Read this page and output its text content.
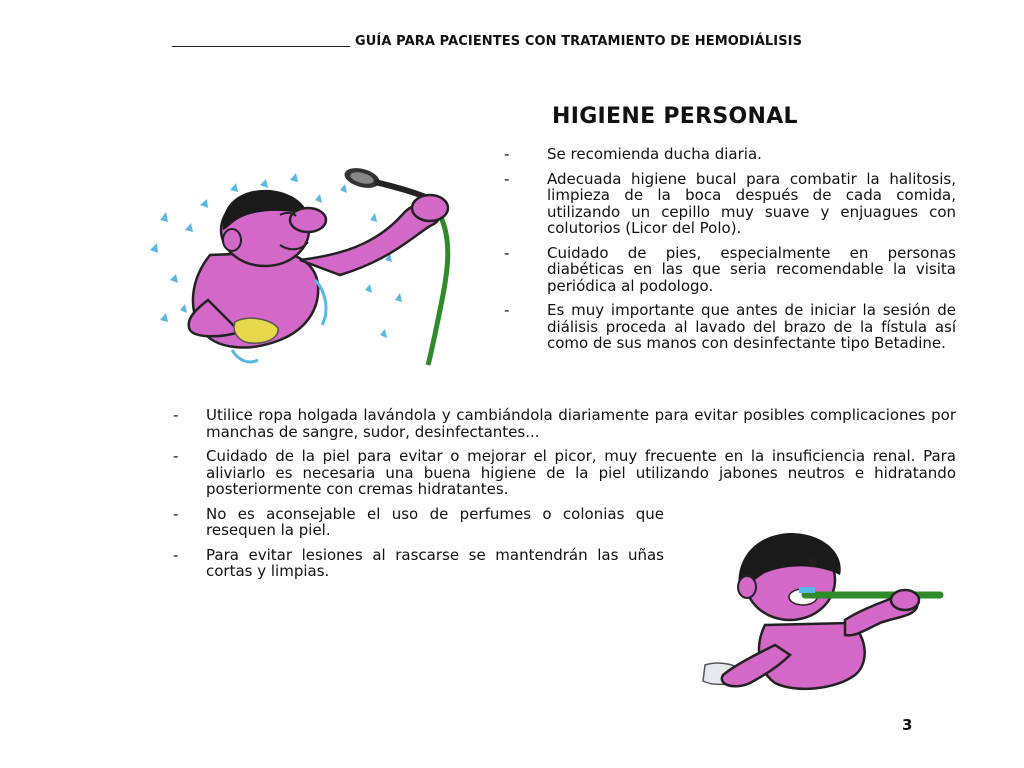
GUÍA PARA PACIENTES CON TRATAMIENTO DE HEMODIÁLISIS
HIGIENE PERSONAL
-	Se recomienda ducha diaria.
-	Adecuada higiene bucal para combatir la halitosis, limpieza de la boca después de cada comida, utilizando un cepillo muy suave y enjuagues con colutorios (Licor del Polo).
-	Cuidado de pies, especialmente en personas diabéticas en las que seria recomendable la visita periódica al podologo.
-	Es muy importante que antes de iniciar la sesión de diálisis proceda al lavado del brazo de la fístula así como de sus manos con desinfectante tipo Betadine.
- Utilice ropa holgada lavándola y cambiándola diariamente para evitar posibles complicaciones por manchas de sangre, sudor, desinfectantes...
- Cuidado de la piel para evitar o mejorar el picor, muy frecuente en la insuficiencia renal. Para aliviarlo es necesaria una buena higiene de la piel utilizando jabones neutros e hidratando posteriormente con cremas hidratantes.
- No es aconsejable el uso de perfumes o colonias que resequen la piel.
- Para evitar lesiones al rascarse se mantendrán las uñas cortas y limpias.
3
